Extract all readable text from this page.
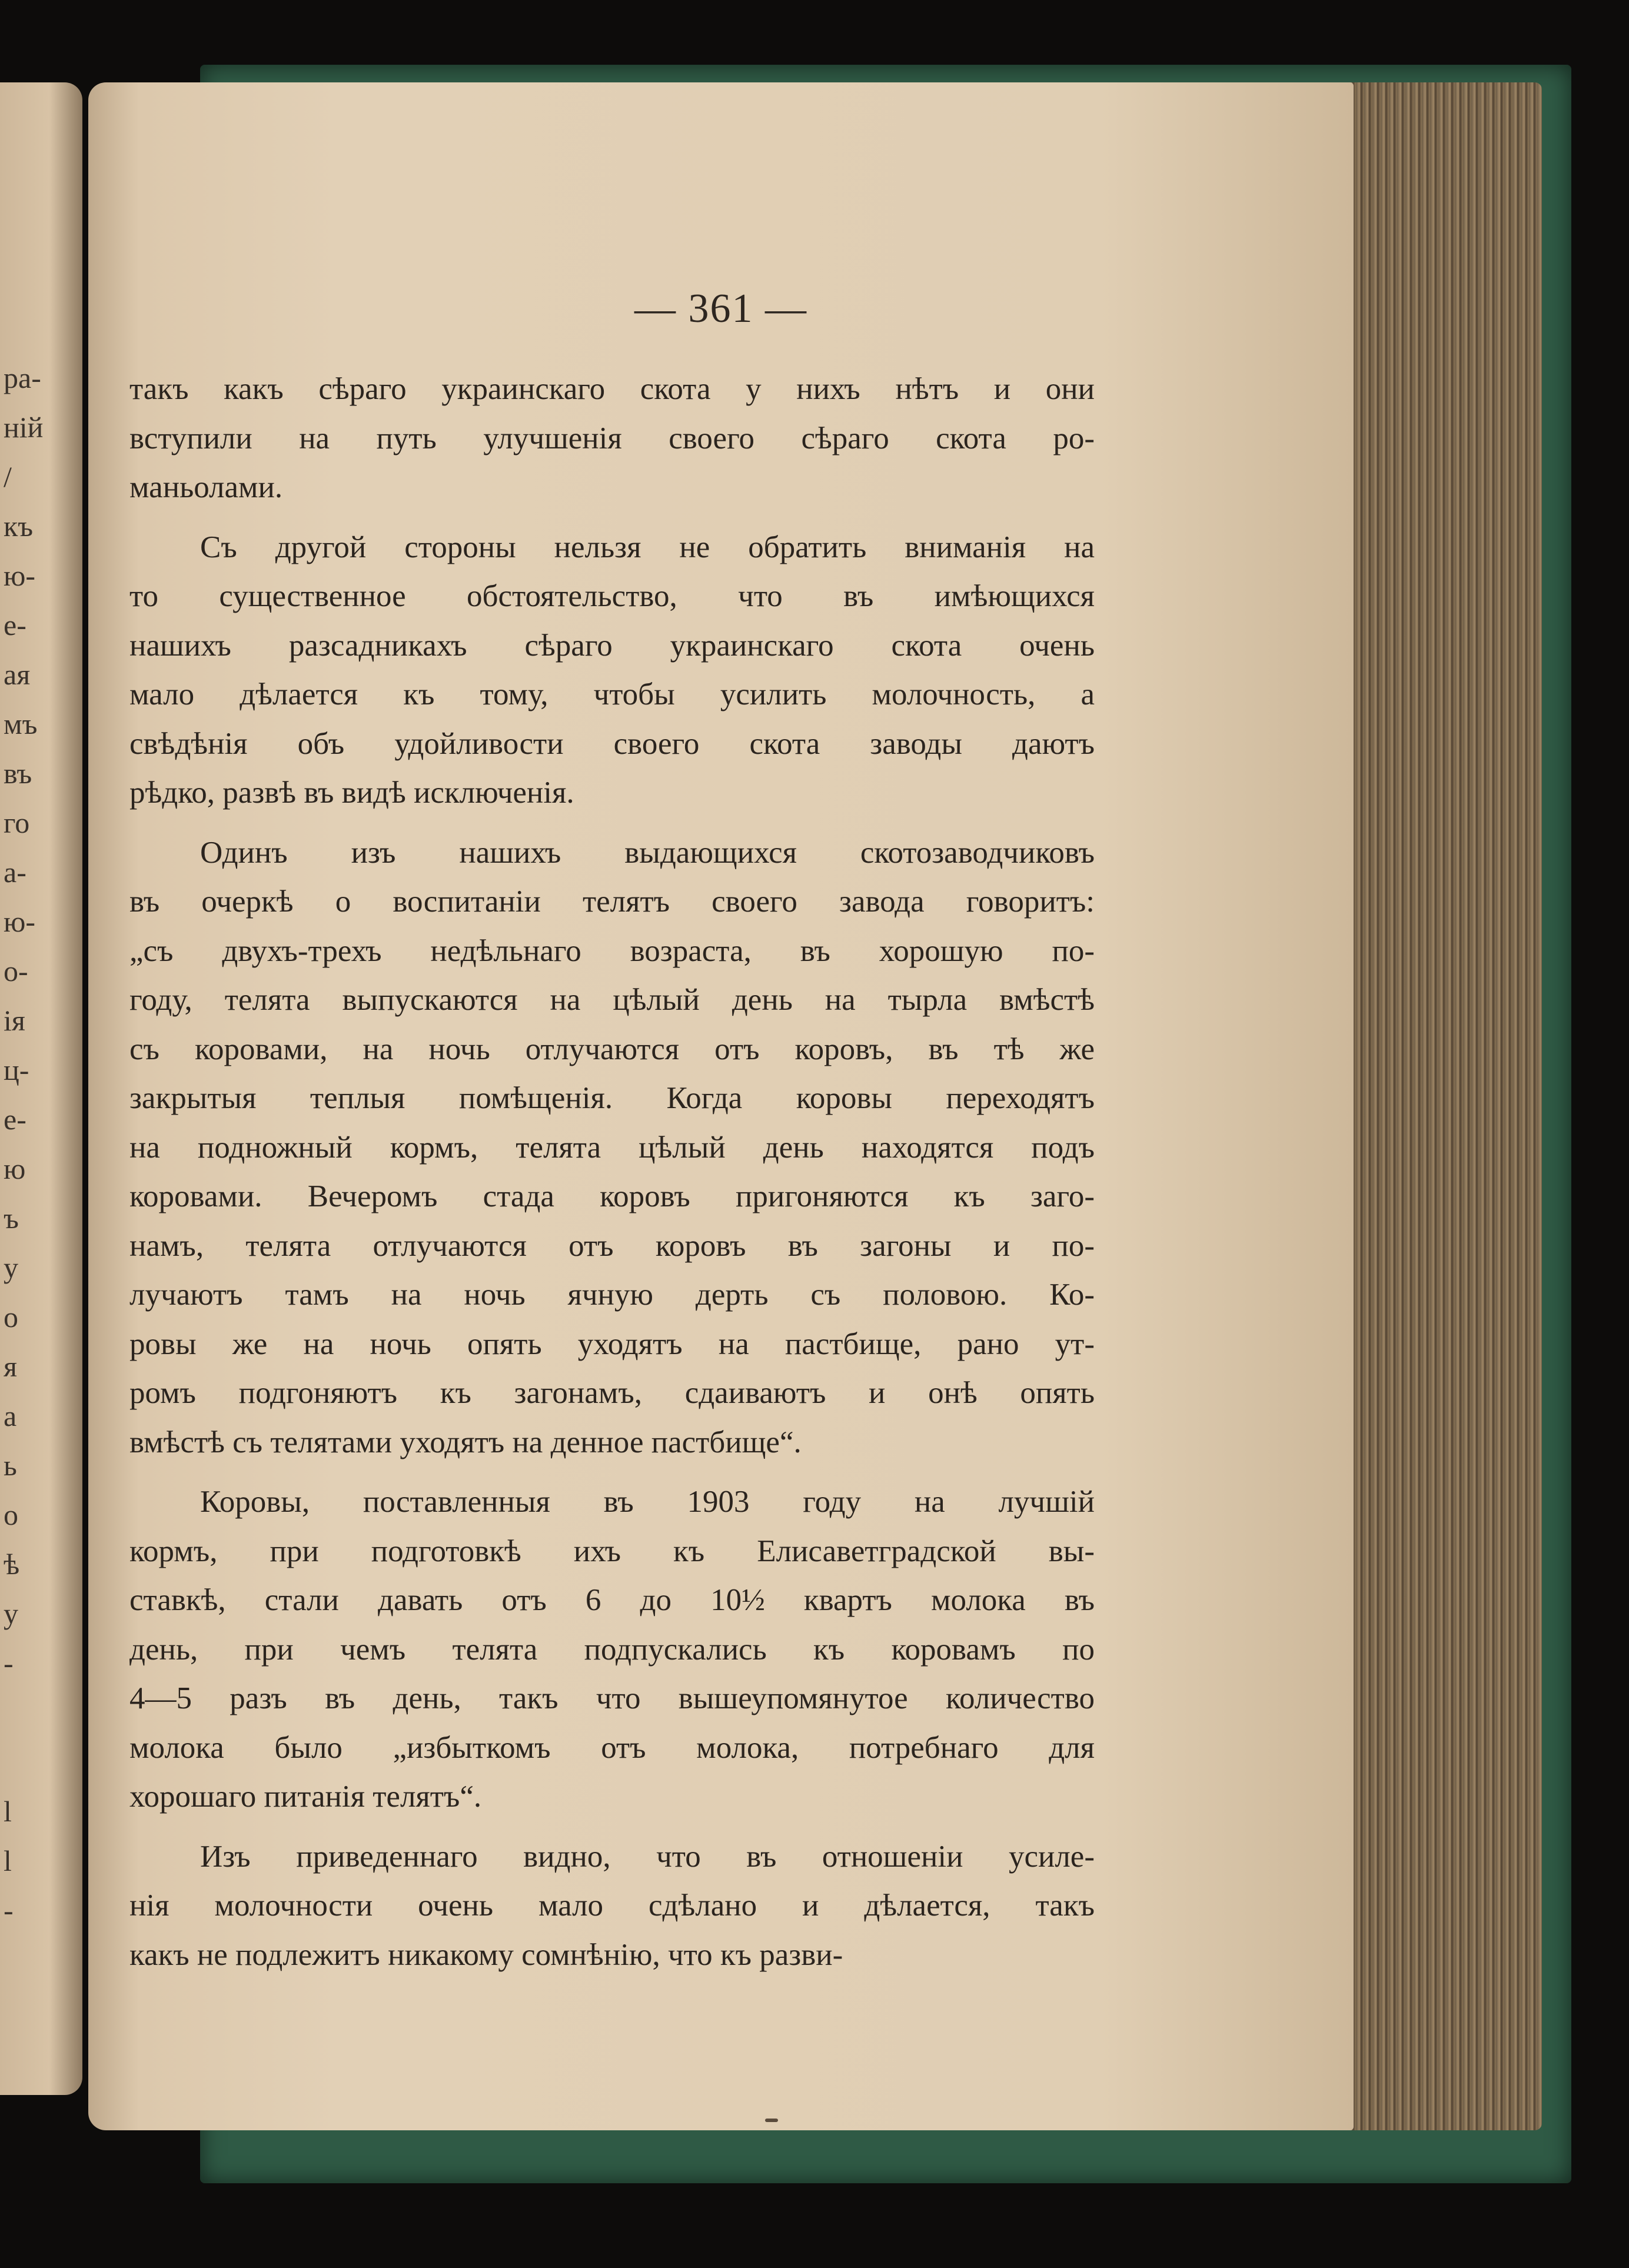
ра-
ній
/
къ
ю-
е-
ая
мъ
въ
го
а-
ю-
о-
ія
ц-
е-
ю
ъ
у
о
я
а
ь
о
ѣ
у
-

l
l
-
— 361 —
такъ какъ сѣраго украинскаго скота у нихъ нѣтъ и они
вступили на путь улучшенія своего сѣраго скота ро-
маньолами.
Съ другой стороны нельзя не обратить вниманія на
то существенное обстоятельство, что въ имѣющихся
нашихъ разсадникахъ сѣраго украинскаго скота очень
мало дѣлается къ тому, чтобы усилить молочность, а
свѣдѣнія объ удойливости своего скота заводы даютъ
рѣдко, развѣ въ видѣ исключенія.
Одинъ изъ нашихъ выдающихся скотозаводчиковъ
въ очеркѣ о воспитаніи телятъ своего завода говоритъ:
„съ двухъ-трехъ недѣльнаго возраста, въ хорошую по-
году, телята выпускаются на цѣлый день на тырла вмѣстѣ
съ коровами, на ночь отлучаются отъ коровъ, въ тѣ же
закрытыя теплыя помѣщенія. Когда коровы переходятъ
на подножный кормъ, телята цѣлый день находятся подъ
коровами. Вечеромъ стада коровъ пригоняются къ заго-
намъ, телята отлучаются отъ коровъ въ загоны и по-
лучаютъ тамъ на ночь ячную дерть съ половою. Ко-
ровы же на ночь опять уходятъ на пастбище, рано ут-
ромъ подгоняютъ къ загонамъ, сдаиваютъ и онѣ опять
вмѣстѣ съ телятами уходятъ на денное пастбище“.
Коровы, поставленныя въ 1903 году на лучшій
кормъ, при подготовкѣ ихъ къ Елисаветградской вы-
ставкѣ, стали давать отъ 6 до 10½ квартъ молока въ
день, при чемъ телята подпускались къ коровамъ по
4—5 разъ въ день, такъ что вышеупомянутое количество
молока было „избыткомъ отъ молока, потребнаго для
хорошаго питанія телятъ“.
Изъ приведеннаго видно, что въ отношеніи усиле-
нія молочности очень мало сдѣлано и дѣлается, такъ
какъ не подлежитъ никакому сомнѣнію, что къ разви-
